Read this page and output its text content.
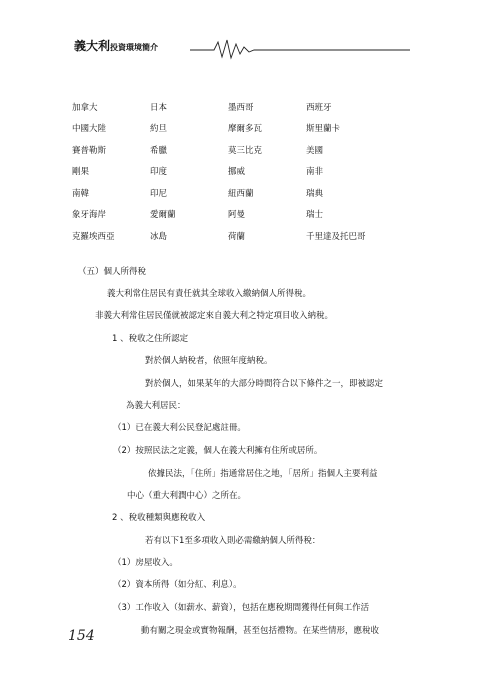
義大利投資環境簡介
加拿大	日本	墨西哥	西班牙
中國大陸	約旦	摩爾多瓦	斯里蘭卡
賽普勒斯	希臘	莫三比克	美國
剛果	印度	挪威	南非
南韓	印尼	紐西蘭	瑞典
象牙海岸	愛爾蘭	阿曼	瑞士
克羅埃西亞	冰島	荷蘭	千里達及托巴哥
（五）個人所得稅
義大利常住居民有責任就其全球收入繳納個人所得稅。
非義大利常住居民僅就被認定來自義大利之特定項目收入納稅。
1 、稅收之住所認定
對於個人納稅者，依照年度納稅。
對於個人，如果某年的大部分時間符合以下條件之一，即被認定
為義大利居民：
（1）已在義大利公民登記處註冊。
（2）按照民法之定義，個人在義大利擁有住所或居所。
依據民法，「住所」指通常居住之地，「居所」指個人主要利益
中心（重大利潤中心）之所在。
2 、稅收種類與應稅收入
若有以下1至多項收入則必需繳納個人所得稅：
（1）房屋收入。
（2）資本所得（如分紅、利息）。
（3）工作收入（如薪水、薪資），包括在應稅期間獲得任何與工作活
動有關之現金或實物報酬，甚至包括禮物。在某些情形，應稅收
154
